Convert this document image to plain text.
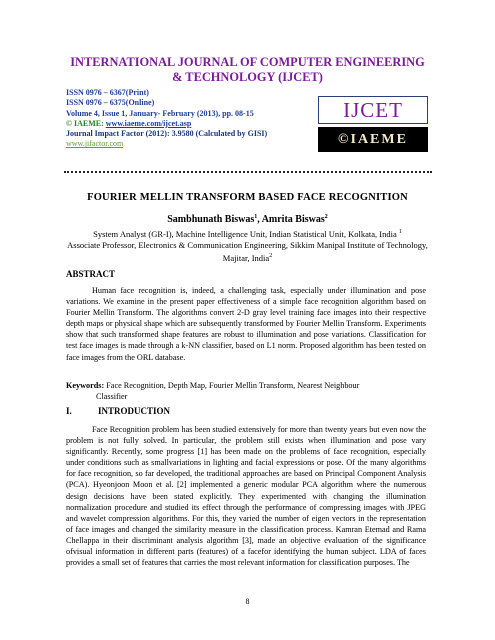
INTERNATIONAL JOURNAL OF COMPUTER ENGINEERING
& TECHNOLOGY (IJCET)
ISSN 0976 – 6367(Print)
ISSN 0976 – 6375(Online)
Volume 4, Issue 1, January- February (2013), pp. 08-15
© IAEME: www.iaeme.com/ijcet.asp
Journal Impact Factor (2012): 3.9580 (Calculated by GISI)
www.jifactor.com
IJCET
©IAEME
FOURIER MELLIN TRANSFORM BASED FACE RECOGNITION
Sambhunath Biswas$^1$, Amrita Biswas$^2$
System Analyst (GR-I), Machine Intelligence Unit, Indian Statistical Unit, Kolkata, India $^1$
Associate Professor, Electronics & Communication Engineering, Sikkim Manipal Institute of Technology, Majitar, India$^2$
ABSTRACT
Human face recognition is, indeed, a challenging task, especially under illumination and pose variations. We examine in the present paper effectiveness of a simple face recognition algorithm based on Fourier Mellin Transform. The algorithms convert 2-D gray level training face images into their respective depth maps or physical shape which are subsequently transformed by Fourier Mellin Transform. Experiments show that such transformed shape features are robust to illumination and pose variations. Classification for test face images is made through a k-NN classifier, based on L1 norm. Proposed algorithm has been tested on face images from the ORL database.
Keywords: Face Recognition, Depth Map, Fourier Mellin Transform, Nearest Neighbour
Classifier
I.	INTRODUCTION
Face Recognition problem has been studied extensively for more than twenty years but even now the problem is not fully solved. In particular, the problem still exists when illumination and pose vary significantly. Recently, some progress [1] has been made on the problems of face recognition, especially under conditions such as smallvariations in lighting and facial expressions or pose. Of the many algorithms for face recognition, so far developed, the traditional approaches are based on Principal Component Analysis (PCA). Hyeonjoon Moon et al. [2] implemented a generic modular PCA algorithm where the numerous design decisions have been stated explicitly. They experimented with changing the illumination normalization procedure and studied its effect through the performance of compressing images with JPEG and wavelet compression algorithms. For this, they varied the number of eigen vectors in the representation of face images and changed the similarity measure in the classification process. Kamran Etemad and Rama Chellappa in their discriminant analysis algorithm [3], made an objective evaluation of the significance ofvisual information in different parts (features) of a facefor identifying the human subject. LDA of faces provides a small set of features that carries the most relevant information for classification purposes. The
8
